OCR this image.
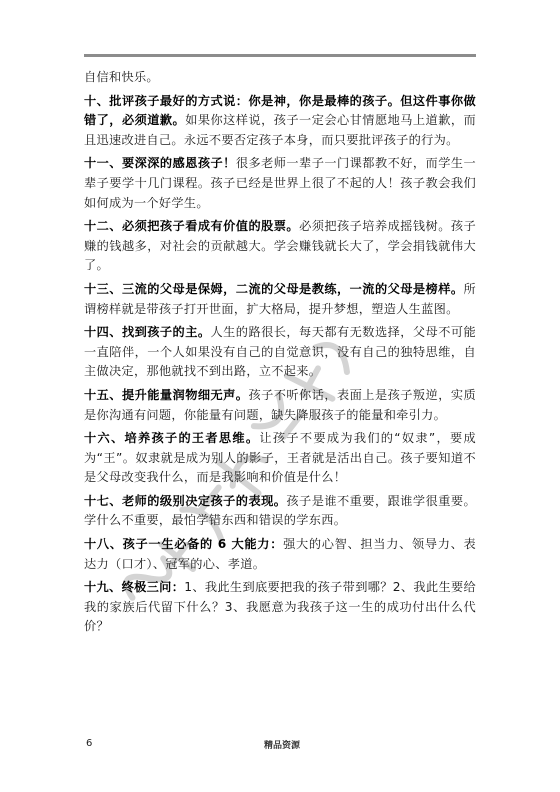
自信和快乐。

十、批评孩子最好的方式说：你是神，你是最棒的孩子。但这件事你做错了，必须道歉。如果你这样说，孩子一定会心甘情愿地马上道歉，而且迅速改进自己。永远不要否定孩子本身，而只要批评孩子的行为。

十一、要深深的感恩孩子！很多老师一辈子一门课都教不好，而学生一辈子要学十几门课程。孩子已经是世界上很了不起的人！孩子教会我们如何成为一个好学生。

十二、必须把孩子看成有价值的股票。必须把孩子培养成摇钱树。孩子赚的钱越多，对社会的贡献越大。学会赚钱就长大了，学会捐钱就伟大了。

十三、三流的父母是保姆，二流的父母是教练，一流的父母是榜样。所谓榜样就是带孩子打开世面，扩大格局，提升梦想，塑造人生蓝图。

十四、找到孩子的主。人生的路很长，每天都有无数选择，父母不可能一直陪伴，一个人如果没有自己的自觉意识，没有自己的独特思维，自主做决定，那他就找不到出路，立不起来。

十五、提升能量润物细无声。孩子不听你话，表面上是孩子叛逆，实质是你沟通有问题，你能量有问题，缺失降服孩子的能量和牵引力。

十六、培养孩子的王者思维。让孩子不要成为我们的“奴隶”，要成为“王”。奴隶就是成为别人的影子，王者就是活出自己。孩子要知道不是父母改变我什么，而是我影响和价值是什么！

十七、老师的级别决定孩子的表现。孩子是谁不重要，跟谁学很重要。学什么不重要，最怕学错东西和错误的学东西。

十八、孩子一生必备的 6 大能力：强大的心智、担当力、领导力、表达力（口才）、冠军的心、孝道。

十九、终极三问：1、我此生到底要把我的孩子带到哪？2、我此生要给我的家族后代留下什么？3、我愿意为我孩子这一生的成功付出什么代价？

6	精品资源
